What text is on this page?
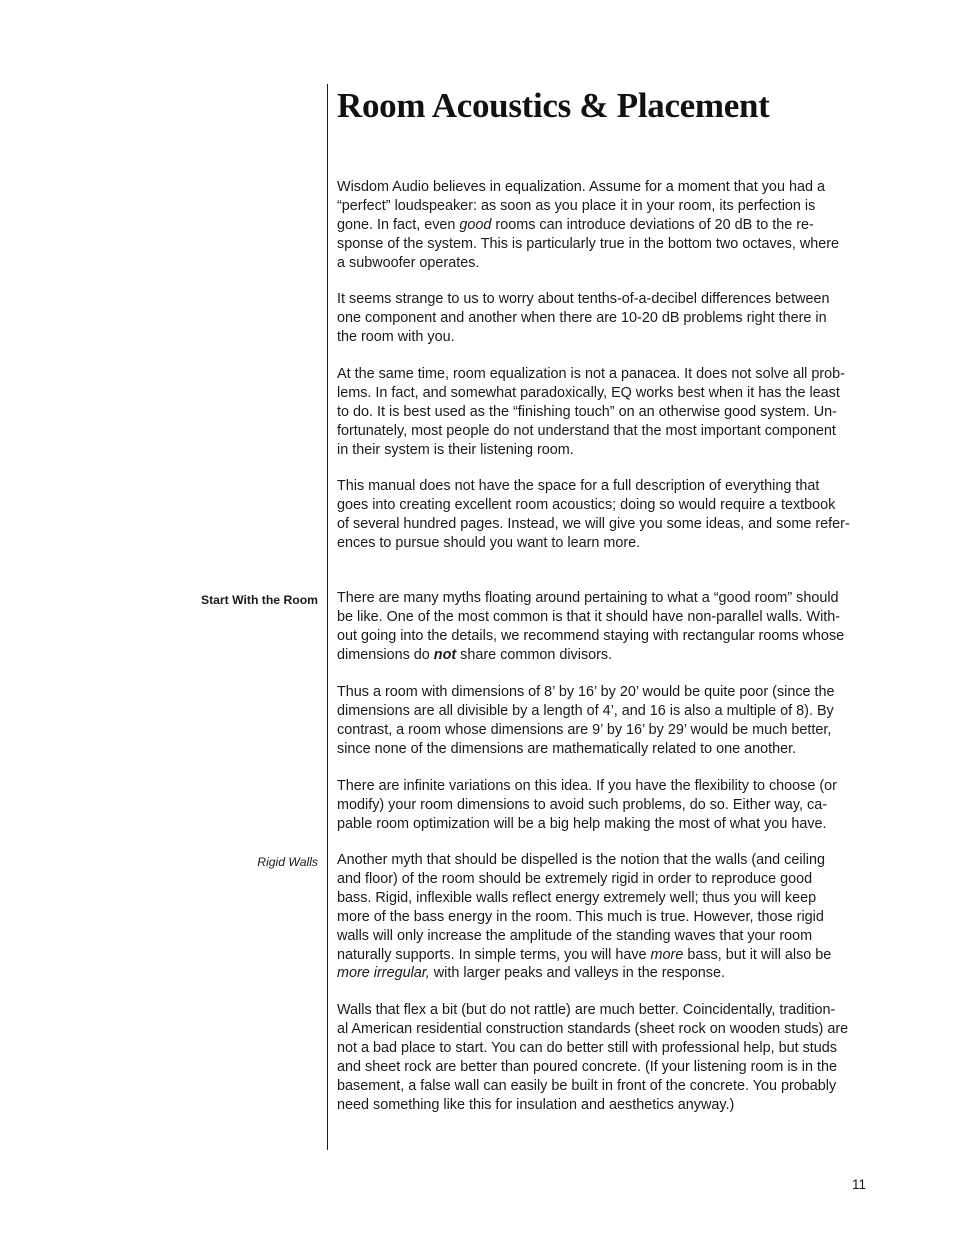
Room Acoustics & Placement
Start With the Room
Rigid Walls
Wisdom Audio believes in equalization. Assume for a moment that you had a
“perfect” loudspeaker: as soon as you place it in your room, its perfection is
gone. In fact, even good rooms can introduce deviations of 20 dB to the re-
sponse of the system. This is particularly true in the bottom two octaves, where
a subwoofer operates.
It seems strange to us to worry about tenths-of-a-decibel differences between
one component and another when there are 10-20 dB problems right there in
the room with you.
At the same time, room equalization is not a panacea. It does not solve all prob-
lems. In fact, and somewhat paradoxically, EQ works best when it has the least
to do. It is best used as the “finishing touch” on an otherwise good system. Un-
fortunately, most people do not understand that the most important component
in their system is their listening room.
This manual does not have the space for a full description of everything that
goes into creating excellent room acoustics; doing so would require a textbook
of several hundred pages. Instead, we will give you some ideas, and some refer-
ences to pursue should you want to learn more.
There are many myths floating around pertaining to what a “good room” should
be like. One of the most common is that it should have non-parallel walls. With-
out going into the details, we recommend staying with rectangular rooms whose
dimensions do not share common divisors.
Thus a room with dimensions of 8’ by 16’ by 20’ would be quite poor (since the
dimensions are all divisible by a length of 4’, and 16 is also a multiple of 8). By
contrast, a room whose dimensions are 9’ by 16’ by 29’ would be much better,
since none of the dimensions are mathematically related to one another.
There are infinite variations on this idea. If you have the flexibility to choose (or
modify) your room dimensions to avoid such problems, do so. Either way, ca-
pable room optimization will be a big help making the most of what you have.
Another myth that should be dispelled is the notion that the walls (and ceiling
and floor) of the room should be extremely rigid in order to reproduce good
bass. Rigid, inflexible walls reflect energy extremely well; thus you will keep
more of the bass energy in the room. This much is true. However, those rigid
walls will only increase the amplitude of the standing waves that your room
naturally supports. In simple terms, you will have more bass, but it will also be
more irregular, with larger peaks and valleys in the response.
Walls that flex a bit (but do not rattle) are much better. Coincidentally, tradition-
al American residential construction standards (sheet rock on wooden studs) are
not a bad place to start. You can do better still with professional help, but studs
and sheet rock are better than poured concrete. (If your listening room is in the
basement, a false wall can easily be built in front of the concrete. You probably
need something like this for insulation and aesthetics anyway.)
11
